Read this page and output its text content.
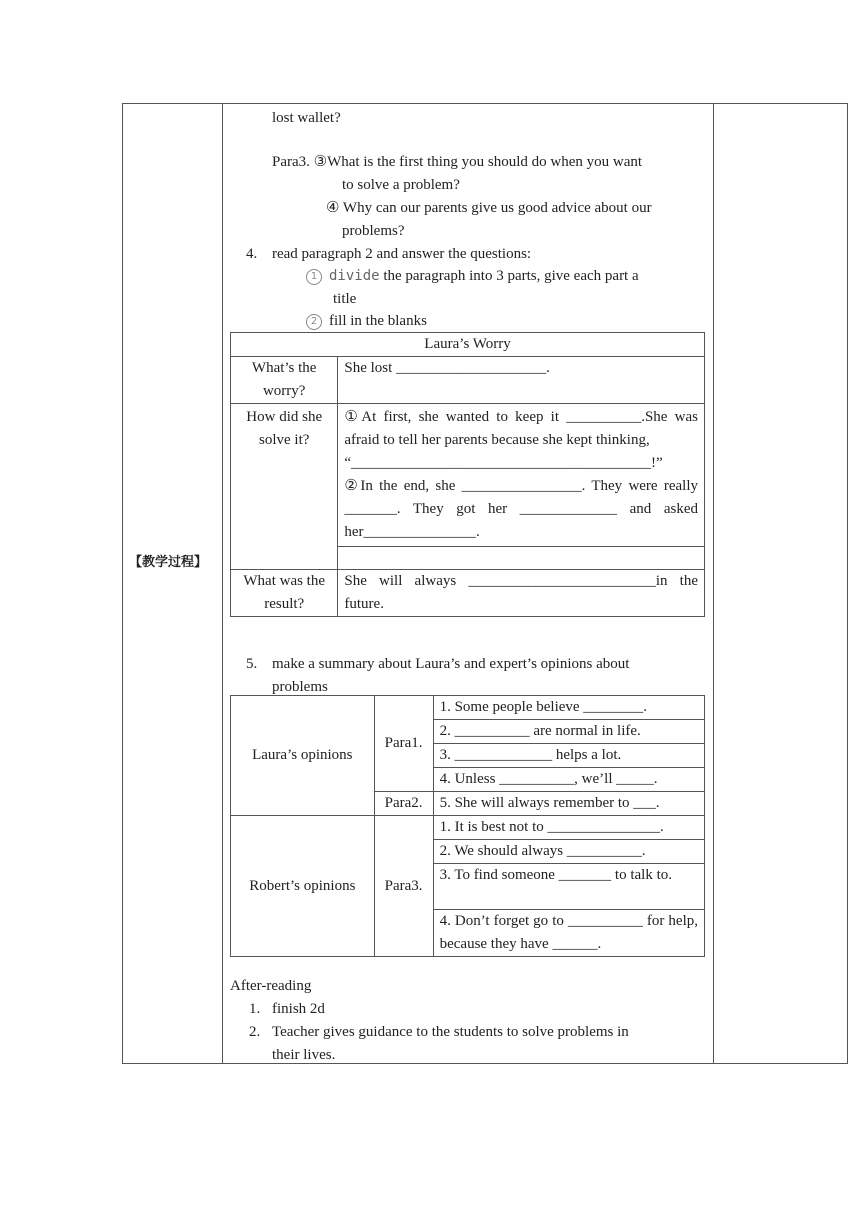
【教学过程】
lost wallet?
Para3. ③What is the first thing you should do when you want
to solve a problem?
④ Why can our parents give us good advice about our
problems?
4. read paragraph 2 and answer the questions:
1 divide the paragraph into 3 parts, give each part a
title
2 fill in the blanks
Laura’s Worry	
What’s the worry?	She lost ____________________.
How did she solve it?	①At first, she wanted to keep it __________.She was afraid to tell her parents because she kept thinking,
“________________________________________!”
②In the end, she ________________. They were really _______. They got her _____________ and asked her_______________.

What was the result?	She will always _________________________in the future.
5. make a summary about Laura’s and expert’s opinions about
problems
Laura’s opinions	Para1.	1. Some people believe ________.
		2. __________ are normal in life.
		3. _____________ helps a lot.
		4. Unless __________, we’ll _____.
	Para2.	5. She will always remember to ___.
Robert’s opinions	Para3.	1. It is best not to _______________.
		2. We should always __________.
		3. To find someone _______ to talk to.
		4. Don’t forget go to __________ for help, because they have ______.
After-reading
1. finish 2d
2. Teacher gives guidance to the students to solve problems in
their lives.
